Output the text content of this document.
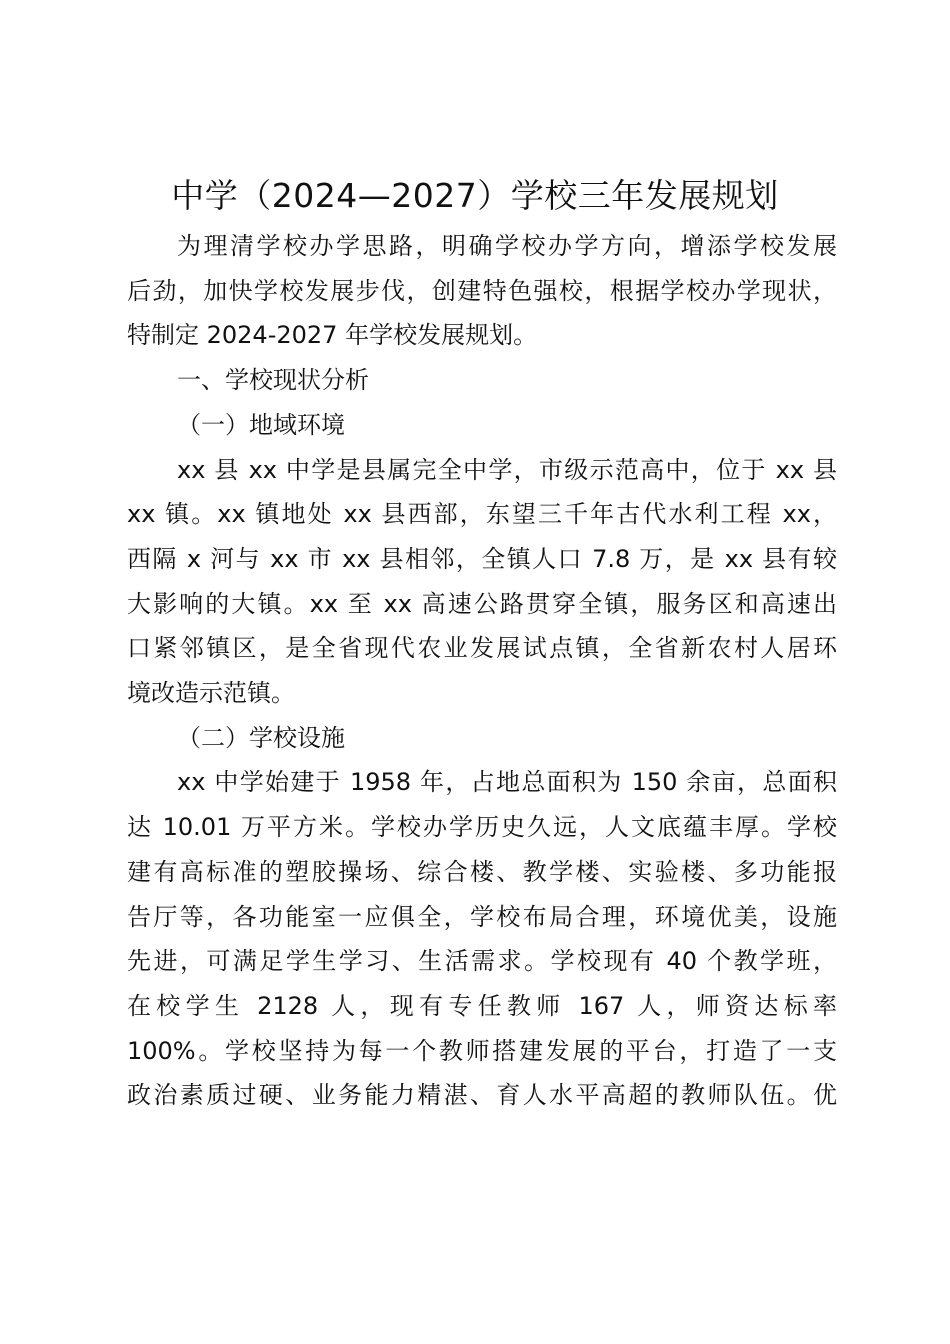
中学（2024—2027）学校三年发展规划
为理清学校办学思路，明确学校办学方向，增添学校发展
后劲，加快学校发展步伐，创建特色强校，根据学校办学现状，
特制定 2024-2027 年学校发展规划。
一、学校现状分析
（一）地域环境
xx 县 xx 中学是县属完全中学，市级示范高中，位于 xx 县
xx 镇。xx 镇地处 xx 县西部，东望三千年古代水利工程 xx，
西隔 x 河与 xx 市 xx 县相邻，全镇人口 7.8 万，是 xx 县有较
大影响的大镇。xx 至 xx 高速公路贯穿全镇，服务区和高速出
口紧邻镇区，是全省现代农业发展试点镇，全省新农村人居环
境改造示范镇。
（二）学校设施
xx 中学始建于 1958 年，占地总面积为 150 余亩，总面积
达 10.01 万平方米。学校办学历史久远，人文底蕴丰厚。学校
建有高标准的塑胶操场、综合楼、教学楼、实验楼、多功能报
告厅等，各功能室一应俱全，学校布局合理，环境优美，设施
先进，可满足学生学习、生活需求。学校现有 40 个教学班，
在校学生 2128 人，现有专任教师 167 人，师资达标率
100%。学校坚持为每一个教师搭建发展的平台，打造了一支
政治素质过硬、业务能力精湛、育人水平高超的教师队伍。优
